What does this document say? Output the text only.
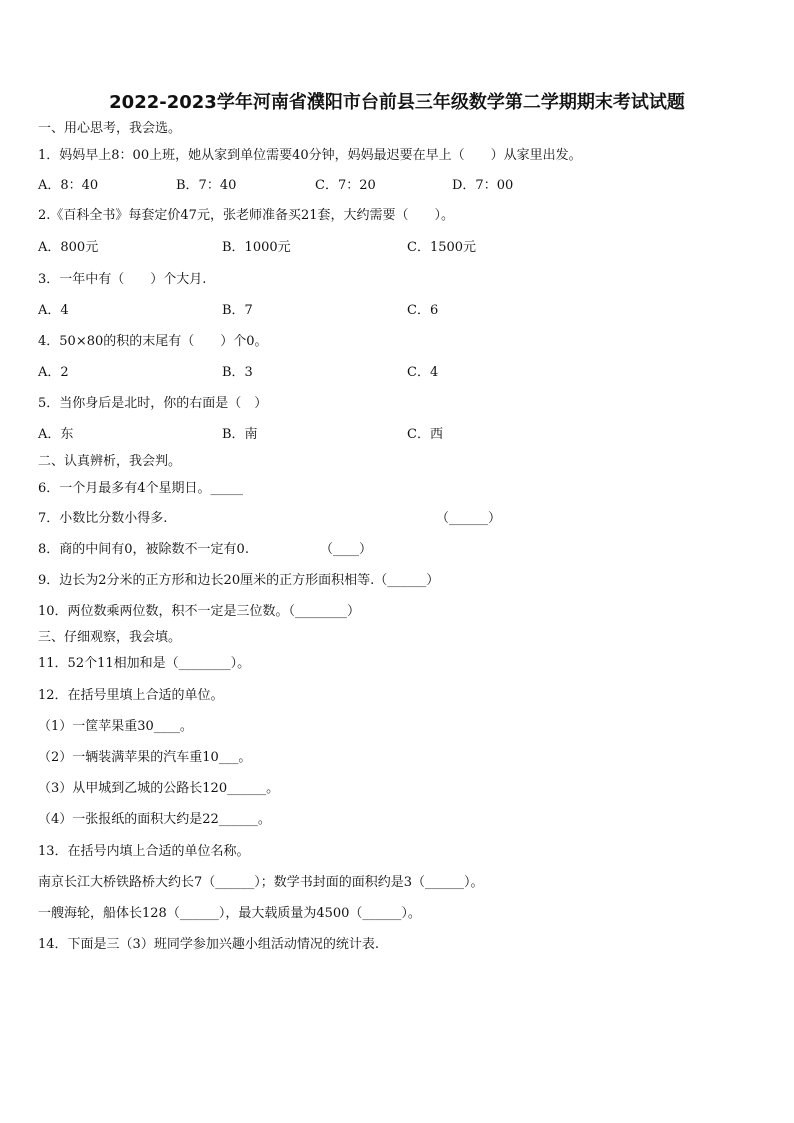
2022-2023学年河南省濮阳市台前县三年级数学第二学期期末考试试题
一、用心思考，我会选。
1．妈妈早上8：00上班，她从家到单位需要40分钟，妈妈最迟要在早上（　　）从家里出发。
A．8：40	B．7：40	C．7：20	D．7：00
2.《百科全书》每套定价47元，张老师准备买21套，大约需要（　　）。
A．800元	B．1000元	C．1500元
3．一年中有（　　）个大月.
A．4	B．7	C．6
4．50×80的积的末尾有（　　）个0。
A．2	B．3	C．4
5．当你身后是北时，你的右面是（　）
A．东	B．南	C．西
二、认真辨析，我会判。
6．一个月最多有4个星期日。_____
7．小数比分数小得多.	（______）
8．商的中间有0，被除数不一定有0.	（____）
9．边长为2分米的正方形和边长20厘米的正方形面积相等.（______）
10．两位数乘两位数，积不一定是三位数。（________）
三、仔细观察，我会填。
11．52个11相加和是（________）。
12．在括号里填上合适的单位。
（1）一筐苹果重30____。
（2）一辆装满苹果的汽车重10___。
（3）从甲城到乙城的公路长120______。
（4）一张报纸的面积大约是22______。
13．在括号内填上合适的单位名称。
南京长江大桥铁路桥大约长7（______）；数学书封面的面积约是3（______）。
一艘海轮，船体长128（______），最大载质量为4500（______）。
14．下面是三（3）班同学参加兴趣小组活动情况的统计表.
